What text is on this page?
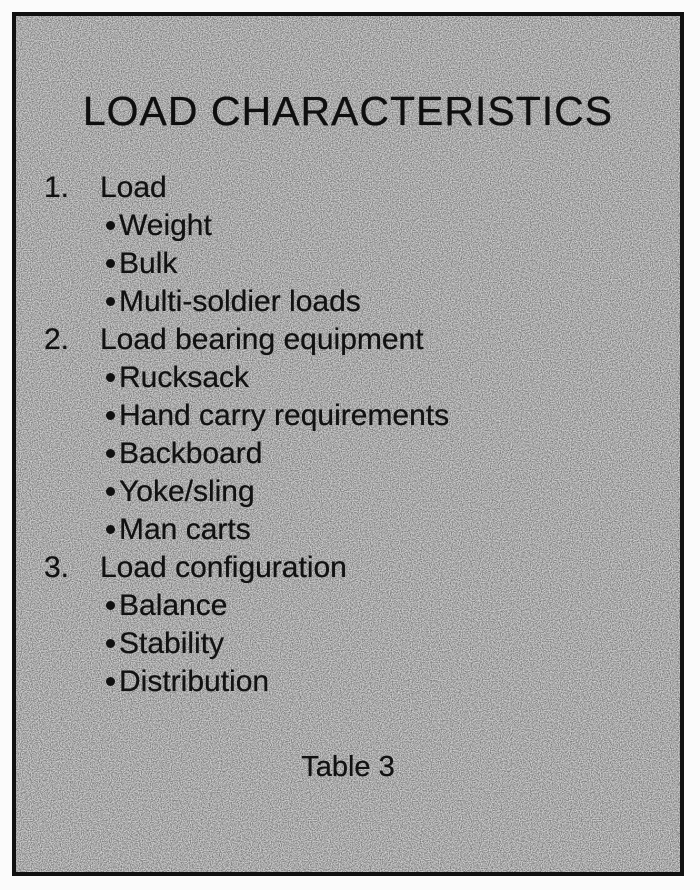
LOAD CHARACTERISTICS
1. Load
Weight
Bulk
Multi-soldier loads
2. Load bearing equipment
Rucksack
Hand carry requirements
Backboard
Yoke/sling
Man carts
3. Load configuration
Balance
Stability
Distribution
Table 3
